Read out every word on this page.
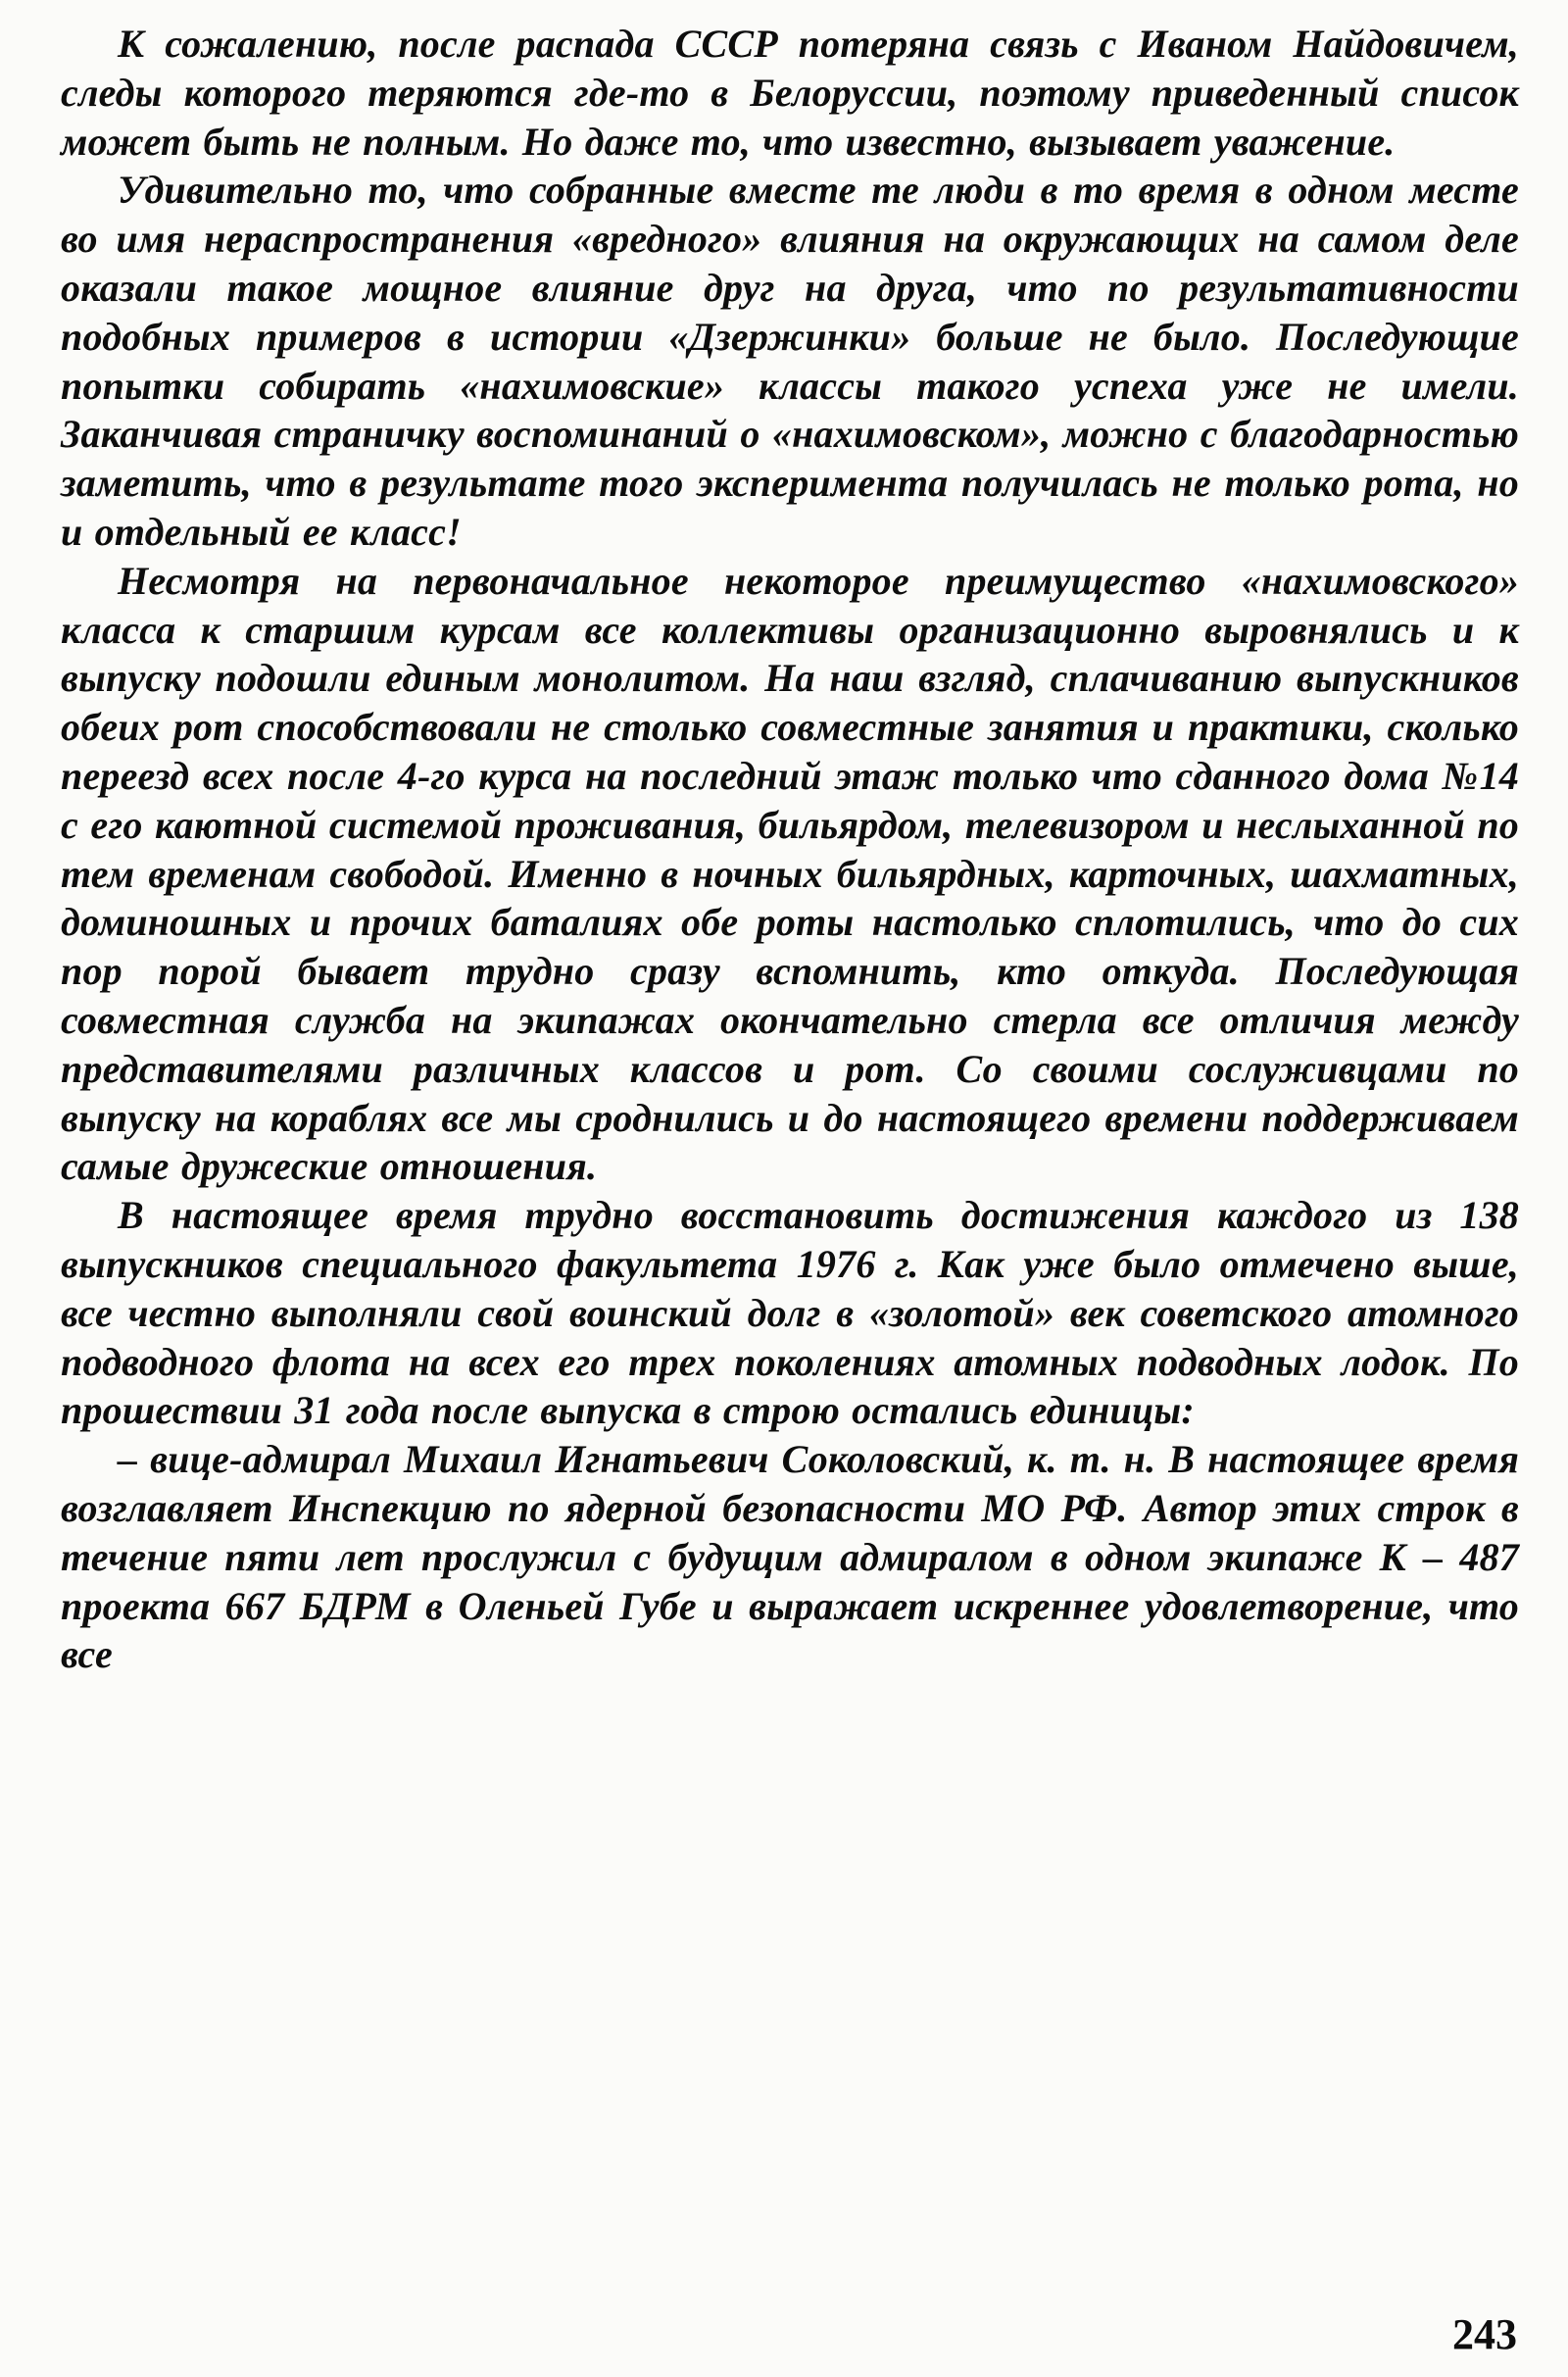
К сожалению, после распада СССР потеряна связь с Иваном Найдовичем, следы которого теряются где-то в Белоруссии, поэтому приведенный список может быть не полным. Но даже то, что известно, вызывает уважение.

Удивительно то, что собранные вместе те люди в то время в одном месте во имя нераспространения «вредного» влияния на окружающих на самом деле оказали такое мощное влияние друг на друга, что по результативности подобных примеров в истории «Дзержинки» больше не было. Последующие попытки собирать «нахимовские» классы такого успеха уже не имели. Заканчивая страничку воспоминаний о «нахимовском», можно с благодарностью заметить, что в результате того эксперимента получилась не только рота, но и отдельный ее класс!

Несмотря на первоначальное некоторое преимущество «нахимовского» класса к старшим курсам все коллективы организационно выровнялись и к выпуску подошли единым монолитом. На наш взгляд, сплачиванию выпускников обеих рот способствовали не столько совместные занятия и практики, сколько переезд всех после 4-го курса на последний этаж только что сданного дома №14 с его каютной системой проживания, бильярдом, телевизором и неслыханной по тем временам свободой. Именно в ночных бильярдных, карточных, шахматных, доминошных и прочих баталиях обе роты настолько сплотились, что до сих пор порой бывает трудно сразу вспомнить, кто откуда. Последующая совместная служба на экипажах окончательно стерла все отличия между представителями различных классов и рот. Со своими сослуживцами по выпуску на кораблях все мы сроднились и до настоящего времени поддерживаем самые дружеские отношения.

В настоящее время трудно восстановить достижения каждого из 138 выпускников специального факультета 1976 г. Как уже было отмечено выше, все честно выполняли свой воинский долг в «золотой» век советского атомного подводного флота на всех его трех поколениях атомных подводных лодок. По прошествии 31 года после выпуска в строю остались единицы:

– вице-адмирал Михаил Игнатьевич Соколовский, к. т. н. В настоящее время возглавляет Инспекцию по ядерной безопасности МО РФ. Автор этих строк в течение пяти лет прослужил с будущим адмиралом в одном экипаже К – 487 проекта 667 БДРМ в Оленьей Губе и выражает искреннее удовлетворение, что все

243
